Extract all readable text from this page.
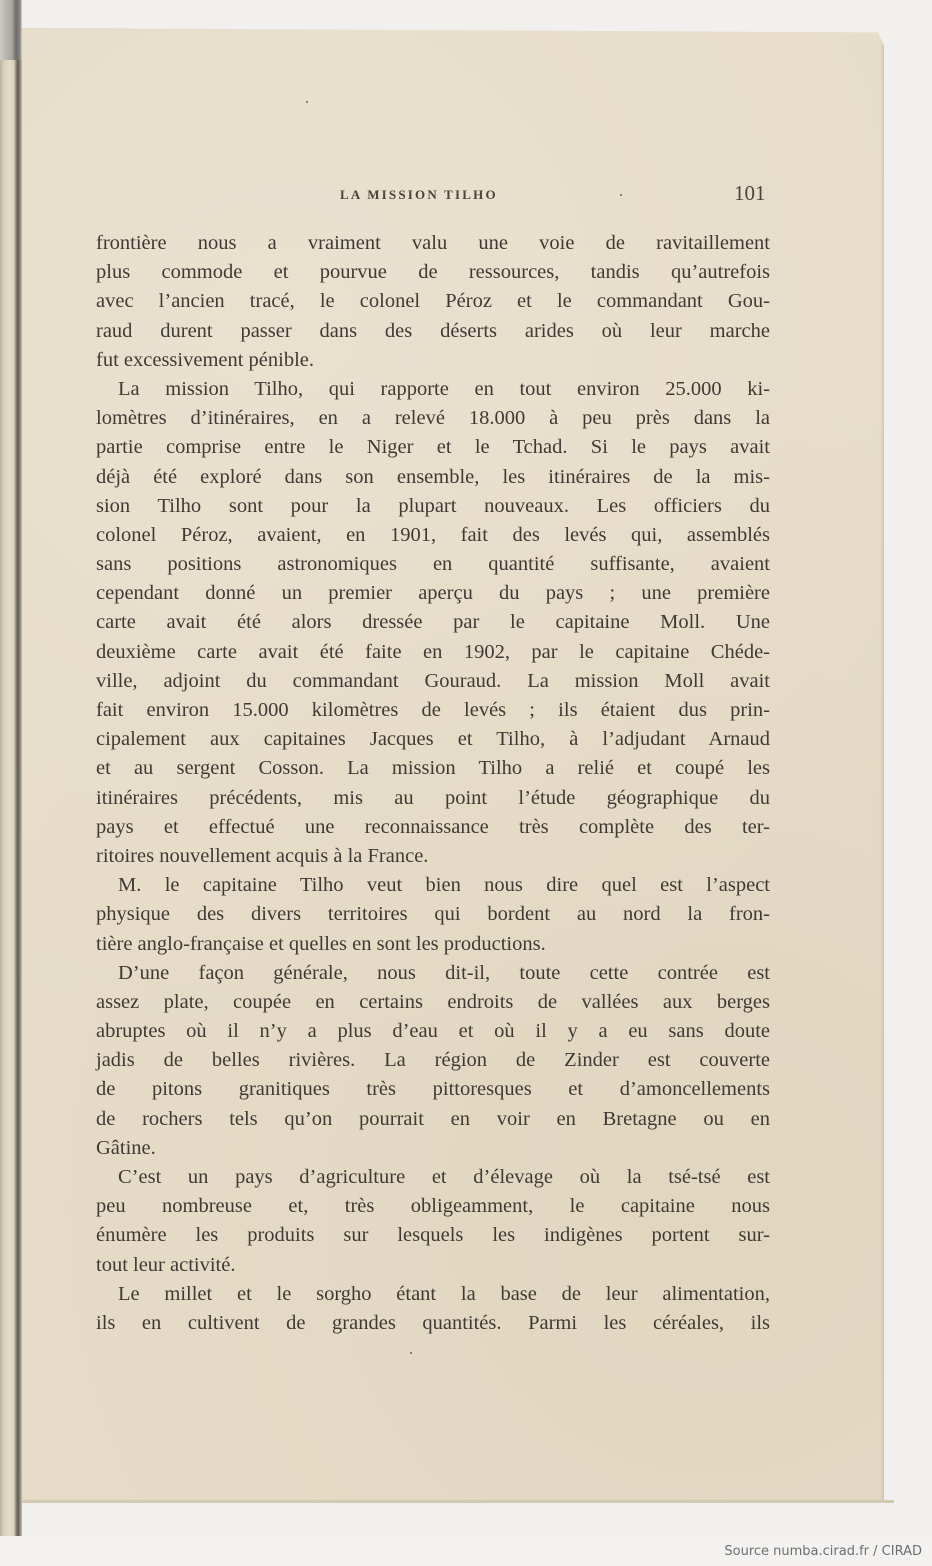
LA MISSION TILHO	101
frontière nous a vraiment valu une voie de ravitaillement
plus commode et pourvue de ressources, tandis qu’autrefois
avec l’ancien tracé, le colonel Péroz et le commandant Gou-
raud durent passer dans des déserts arides où leur marche
fut excessivement pénible.
La mission Tilho, qui rapporte en tout environ 25.000 ki-
lomètres d’itinéraires, en a relevé 18.000 à peu près dans la
partie comprise entre le Niger et le Tchad. Si le pays avait
déjà été exploré dans son ensemble, les itinéraires de la mis-
sion Tilho sont pour la plupart nouveaux. Les officiers du
colonel Péroz, avaient, en 1901, fait des levés qui, assemblés
sans positions astronomiques en quantité suffisante, avaient
cependant donné un premier aperçu du pays ; une première
carte avait été alors dressée par le capitaine Moll. Une
deuxième carte avait été faite en 1902, par le capitaine Chéde-
ville, adjoint du commandant Gouraud. La mission Moll avait
fait environ 15.000 kilomètres de levés ; ils étaient dus prin-
cipalement aux capitaines Jacques et Tilho, à l’adjudant Arnaud
et au sergent Cosson. La mission Tilho a relié et coupé les
itinéraires précédents, mis au point l’étude géographique du
pays et effectué une reconnaissance très complète des ter-
ritoires nouvellement acquis à la France.
M. le capitaine Tilho veut bien nous dire quel est l’aspect
physique des divers territoires qui bordent au nord la fron-
tière anglo-française et quelles en sont les productions.
D’une façon générale, nous dit-il, toute cette contrée est
assez plate, coupée en certains endroits de vallées aux berges
abruptes où il n’y a plus d’eau et où il y a eu sans doute
jadis de belles rivières. La région de Zinder est couverte
de pitons granitiques très pittoresques et d’amoncellements
de rochers tels qu’on pourrait en voir en Bretagne ou en
Gâtine.
C’est un pays d’agriculture et d’élevage où la tsé-tsé est
peu nombreuse et, très obligeamment, le capitaine nous
énumère les produits sur lesquels les indigènes portent sur-
tout leur activité.
Le millet et le sorgho étant la base de leur alimentation,
ils en cultivent de grandes quantités. Parmi les céréales, ils
Source numba.cirad.fr / CIRAD
